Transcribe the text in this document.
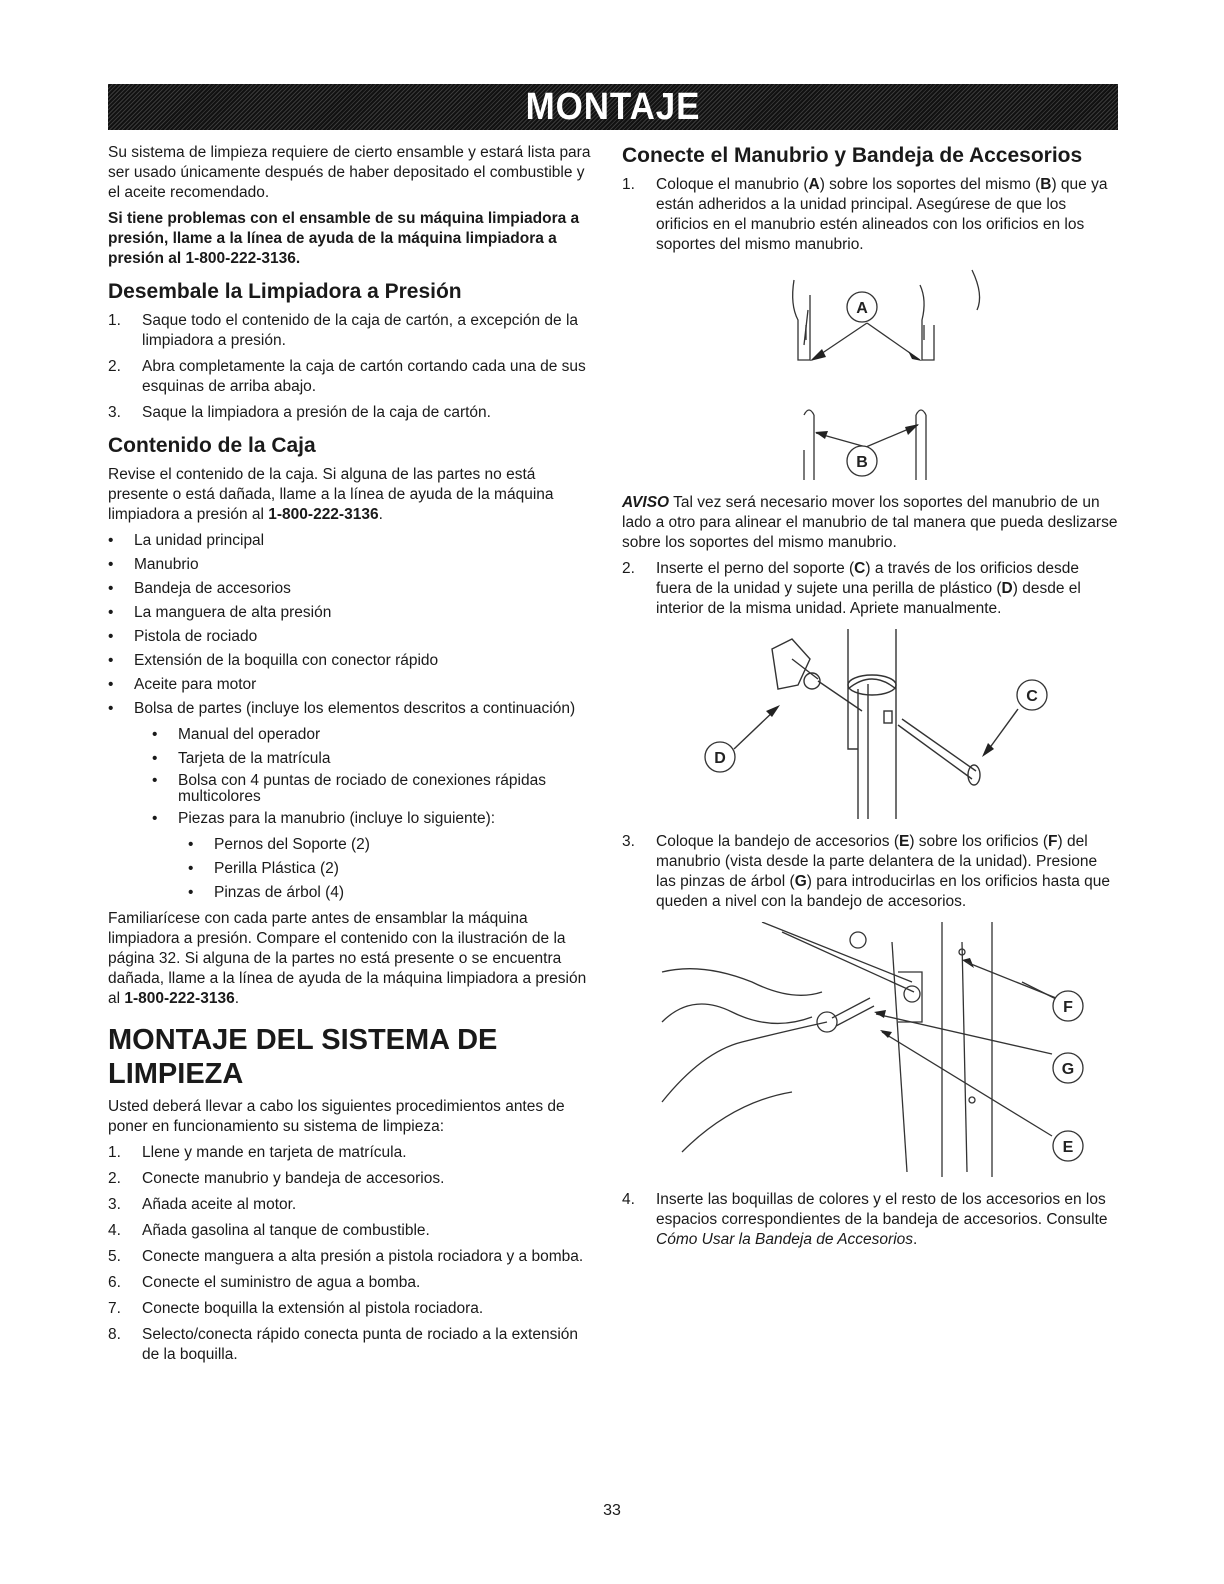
MONTAJE

Su sistema de limpieza requiere de cierto ensamble y estará lista para ser usado únicamente después de haber depositado el combustible y el aceite recomendado.

Si tiene problemas con el ensamble de su máquina limpiadora a presión, llame a la línea de ayuda de la máquina limpiadora a presión al 1-800-222-3136.

Desembale la Limpiadora a Presión
1. Saque todo el contenido de la caja de cartón, a excepción de la limpiadora a presión.
2. Abra completamente la caja de cartón cortando cada una de sus esquinas de arriba abajo.
3. Saque la limpiadora a presión de la caja de cartón.
Contenido de la Caja

Revise el contenido de la caja. Si alguna de las partes no está presente o está dañada, llame a la línea de ayuda de la máquina limpiadora a presión al 1-800-222-3136.

• La unidad principal
• Manubrio
• Bandeja de accesorios
• La manguera de alta presión
• Pistola de rociado
• Extensión de la boquilla con conector rápido
• Aceite para motor
• Bolsa de partes (incluye los elementos descritos a continuación)
• Manual del operador
• Tarjeta de la matrícula
• Bolsa con 4 puntas de rociado de conexiones rápidas multicolores
• Piezas para la manubrio (incluye lo siguiente):
• Pernos del Soporte (2)
• Perilla Plástica (2)
• Pinzas de árbol (4)

Familiarícese con cada parte antes de ensamblar la máquina limpiadora a presión. Compare el contenido con la ilustración de la página 32. Si alguna de la partes no está presente o se encuentra dañada, llame a la línea de ayuda de la máquina limpiadora a presión al 1-800-222-3136.

MONTAJE DEL SISTEMA DE LIMPIEZA

Usted deberá llevar a cabo los siguientes procedimientos antes de poner en funcionamiento su sistema de limpieza:

1. Llene y mande en tarjeta de matrícula.
2. Conecte manubrio y bandeja de accesorios.
3. Añada aceite al motor.
4. Añada gasolina al tanque de combustible.
5. Conecte manguera a alta presión a pistola rociadora y a bomba.
6. Conecte el suministro de agua a bomba.
7. Conecte boquilla la extensión al pistola rociadora.
8. Selecto/conecta rápido conecta punta de rociado a la extensión de la boquilla.
Conecte el Manubrio y Bandeja de Accesorios
1. Coloque el manubrio (A) sobre los soportes del mismo (B) que ya están adheridos a la unidad principal. Asegúrese de que los orificios en el manubrio estén alineados con los orificios en los soportes del mismo manubrio.
A
B

AVISO Tal vez será necesario mover los soportes del manubrio de un lado a otro para alinear el manubrio de tal manera que pueda deslizarse sobre los soportes del mismo manubrio.

2. Inserte el perno del soporte (C) a través de los orificios desde fuera de la unidad y sujete una perilla de plástico (D) desde el interior de la misma unidad. Apriete manualmente.
D
C
3. Coloque la bandejo de accesorios (E) sobre los orificios (F) del manubrio (vista desde la parte delantera de la unidad). Presione las pinzas de árbol (G) para introducirlas en los orificios hasta que queden a nivel con la bandejo de accesorios.
F
G
E
4. Inserte las boquillas de colores y el resto de los accesorios en los espacios correspondientes de la bandeja de accesorios. Consulte Cómo Usar la Bandeja de Accesorios.
33
